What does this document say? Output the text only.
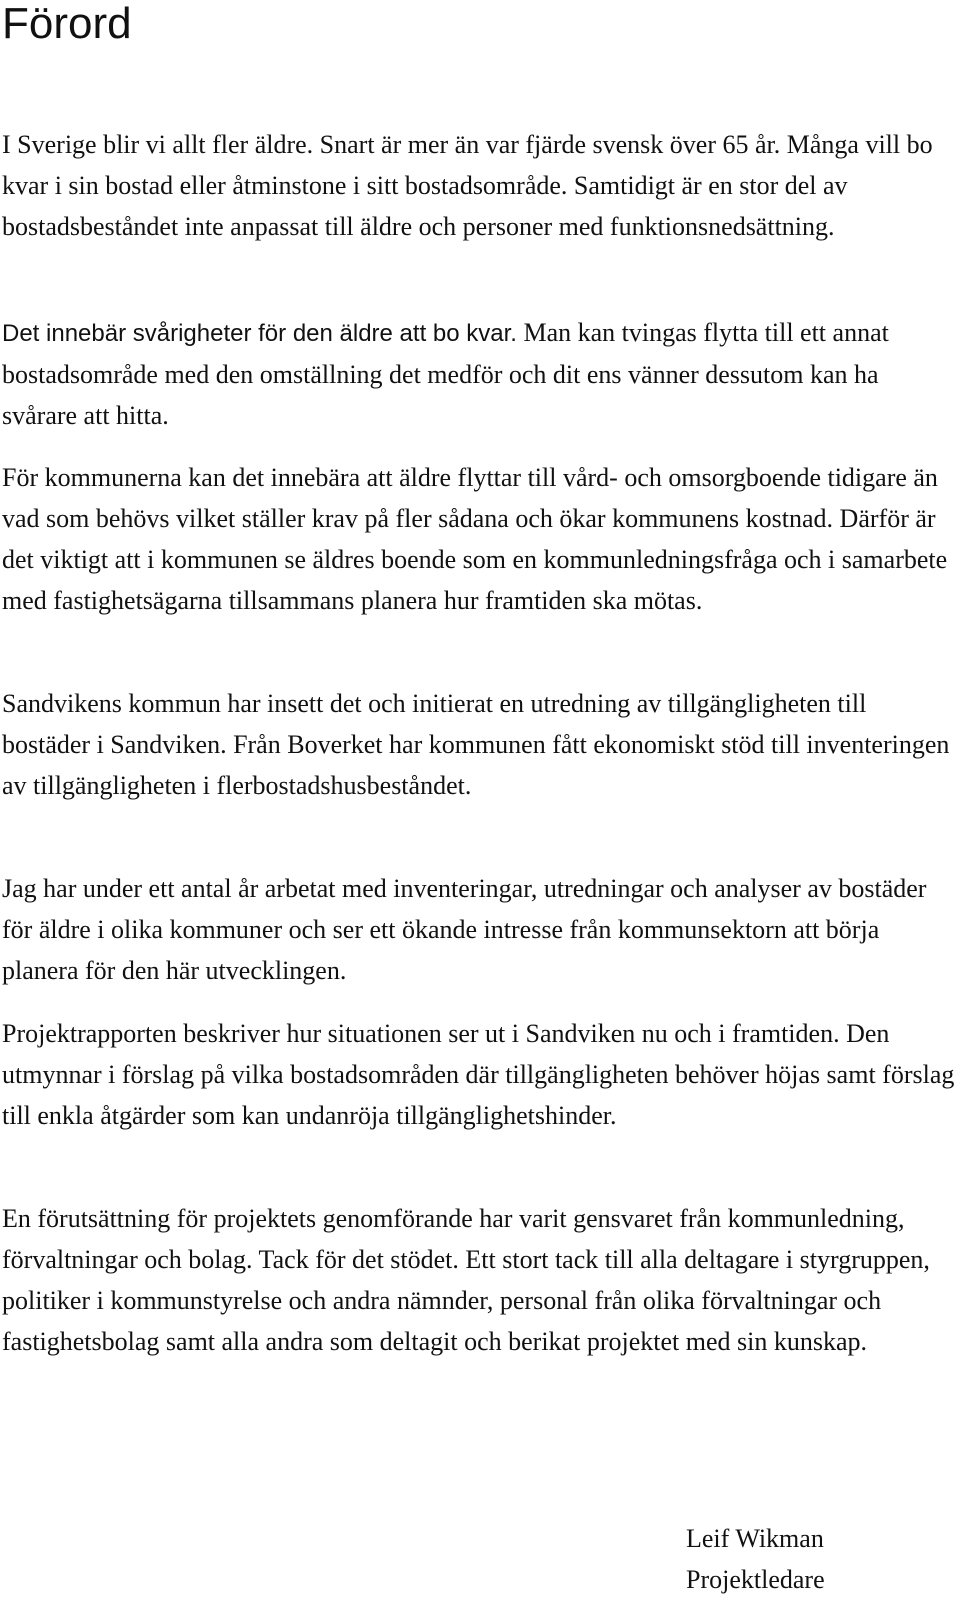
Förord

I Sverige blir vi allt fler äldre. Snart är mer än var fjärde svensk över 65 år. Många vill bo kvar i sin bostad eller åtminstone i sitt bostadsområde. Samtidigt är en stor del av bostadsbeståndet inte anpassat till äldre och personer med funktionsnedsättning.

Det innebär svårigheter för den äldre att bo kvar. Man kan tvingas flytta till ett annat bostadsområde med den omställning det medför och dit ens vänner dessutom kan ha svårare att hitta.

För kommunerna kan det innebära att äldre flyttar till vård- och omsorgboende tidigare än vad som behövs vilket ställer krav på fler sådana och ökar kommunens kostnad. Därför är det viktigt att i kommunen se äldres boende som en kommunledningsfråga och i samarbete med fastighetsägarna tillsammans planera hur framtiden ska mötas.

Sandvikens kommun har insett det och initierat en utredning av tillgängligheten till bostäder i Sandviken. Från Boverket har kommunen fått ekonomiskt stöd till inventeringen av tillgängligheten i flerbostadshusbeståndet.

Jag har under ett antal år arbetat med inventeringar, utredningar och analyser av bostäder för äldre i olika kommuner och ser ett ökande intresse från kommunsektorn att börja planera för den här utvecklingen.

Projektrapporten beskriver hur situationen ser ut i Sandviken nu och i framtiden. Den utmynnar i förslag på vilka bostadsområden där tillgängligheten behöver höjas samt förslag till enkla åtgärder som kan undanröja tillgänglighetshinder.

En förutsättning för projektets genomförande har varit gensvaret från kommunledning, förvaltningar och bolag. Tack för det stödet. Ett stort tack till alla deltagare i styrgruppen, politiker i kommunstyrelse och andra nämnder, personal från olika förvaltningar och fastighetsbolag samt alla andra som deltagit och berikat projektet med sin kunskap.

Leif Wikman
Projektledare
